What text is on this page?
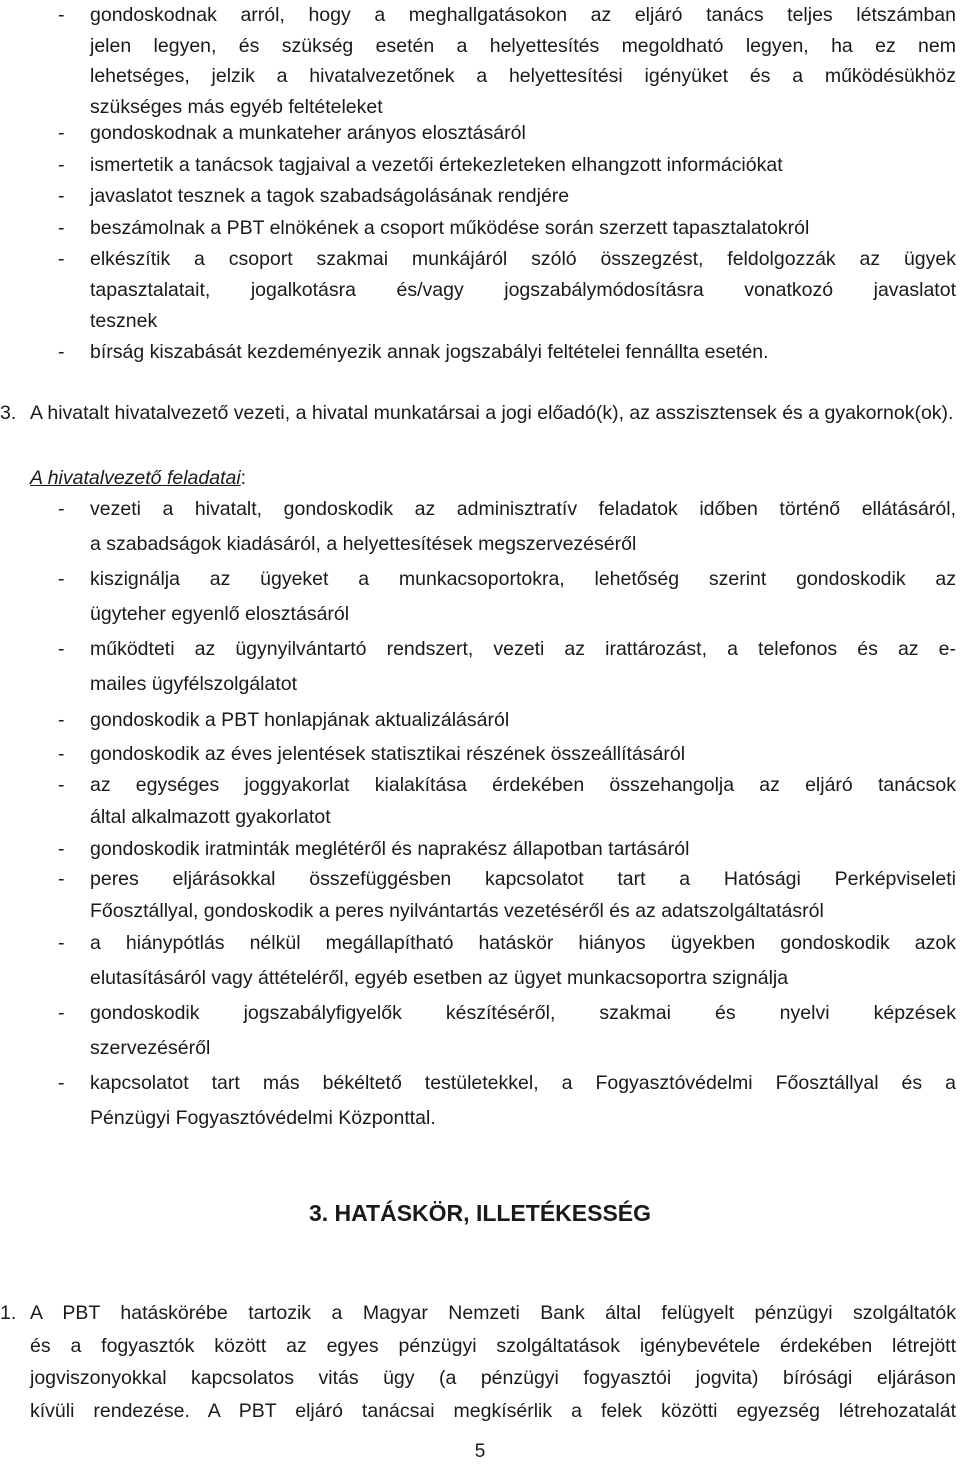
- gondoskodnak arról, hogy a meghallgatásokon az eljáró tanács teljes létszámban
jelen legyen, és szükség esetén a helyettesítés megoldható legyen, ha ez nem
lehetséges, jelzik a hivatalvezetőnek a helyettesítési igényüket és a működésükhöz
szükséges más egyéb feltételeket
- gondoskodnak a munkateher arányos elosztásáról
- ismertetik a tanácsok tagjaival a vezetői értekezleteken elhangzott információkat
- javaslatot tesznek a tagok szabadságolásának rendjére
- beszámolnak a PBT elnökének a csoport működése során szerzett tapasztalatokról
- elkészítik a csoport szakmai munkájáról szóló összegzést, feldolgozzák az ügyek
tapasztalatait, jogalkotásra és/vagy jogszabálymódosításra vonatkozó javaslatot
tesznek
- bírság kiszabását kezdeményezik annak jogszabályi feltételei fennállta esetén.
3. A hivatalt hivatalvezető vezeti, a hivatal munkatársai a jogi előadó(k), az asszisztensek és a gyakornok(ok).
A hivatalvezető feladatai:
- vezeti a hivatalt, gondoskodik az adminisztratív feladatok időben történő ellátásáról,
a szabadságok kiadásáról, a helyettesítések megszervezéséről
- kiszignálja az ügyeket a munkacsoportokra, lehetőség szerint gondoskodik az
ügyteher egyenlő elosztásáról
- működteti az ügynyilvántartó rendszert, vezeti az irattározást, a telefonos és az e-
mailes ügyfélszolgálatot
- gondoskodik a PBT honlapjának aktualizálásáról
- gondoskodik az éves jelentések statisztikai részének összeállításáról
- az egységes joggyakorlat kialakítása érdekében összehangolja az eljáró tanácsok
által alkalmazott gyakorlatot
- gondoskodik iratminták meglétéről és naprakész állapotban tartásáról
- peres eljárásokkal összefüggésben kapcsolatot tart a Hatósági Perképviseleti
Főosztállyal, gondoskodik a peres nyilvántartás vezetéséről és az adatszolgáltatásról
- a hiánypótlás nélkül megállapítható hatáskör hiányos ügyekben gondoskodik azok
elutasításáról vagy áttételéről, egyéb esetben az ügyet munkacsoportra szignálja
- gondoskodik jogszabályfigyelők készítéséről, szakmai és nyelvi képzések
szervezéséről
- kapcsolatot tart más békéltető testületekkel, a Fogyasztóvédelmi Főosztállyal és a
Pénzügyi Fogyasztóvédelmi Központtal.
3. HATÁSKÖR, ILLETÉKESSÉG
1. A PBT hatáskörébe tartozik a Magyar Nemzeti Bank által felügyelt pénzügyi szolgáltatók
és a fogyasztók között az egyes pénzügyi szolgáltatások igénybevétele érdekében létrejött
jogviszonyokkal kapcsolatos vitás ügy (a pénzügyi fogyasztói jogvita) bírósági eljáráson
kívüli rendezése. A PBT eljáró tanácsai megkísérlik a felek közötti egyezség létrehozatalát
5
